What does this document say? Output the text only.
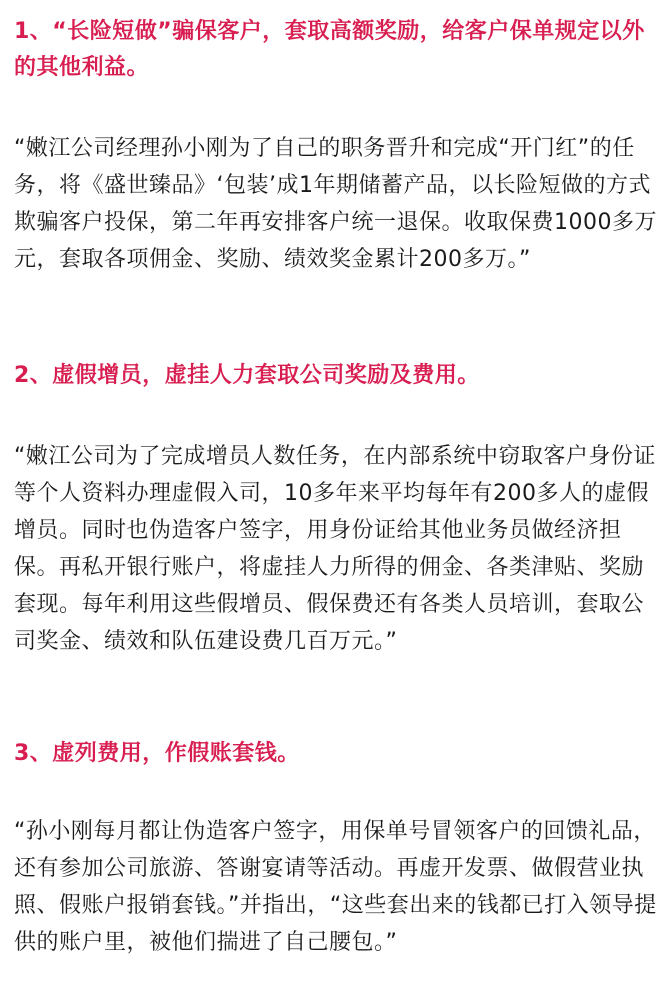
1、“长险短做”骗保客户，套取高额奖励，给客户保单规定以外的其他利益。

“嫩江公司经理孙小刚为了自己的职务晋升和完成“开门红”的任务，将《盛世臻品》‘包装’成1年期储蓄产品，以长险短做的方式欺骗客户投保，第二年再安排客户统一退保。收取保费1000多万元，套取各项佣金、奖励、绩效奖金累计200多万。”

2、虚假增员，虚挂人力套取公司奖励及费用。

“嫩江公司为了完成增员人数任务，在内部系统中窃取客户身份证等个人资料办理虚假入司，10多年来平均每年有200多人的虚假增员。同时也伪造客户签字，用身份证给其他业务员做经济担保。再私开银行账户，将虚挂人力所得的佣金、各类津贴、奖励套现。每年利用这些假增员、假保费还有各类人员培训，套取公司奖金、绩效和队伍建设费几百万元。”

3、虚列费用，作假账套钱。

“孙小刚每月都让伪造客户签字，用保单号冒领客户的回馈礼品，还有参加公司旅游、答谢宴请等活动。再虚开发票、做假营业执照、假账户报销套钱。”并指出，“这些套出来的钱都已打入领导提供的账户里，被他们揣进了自己腰包。”
